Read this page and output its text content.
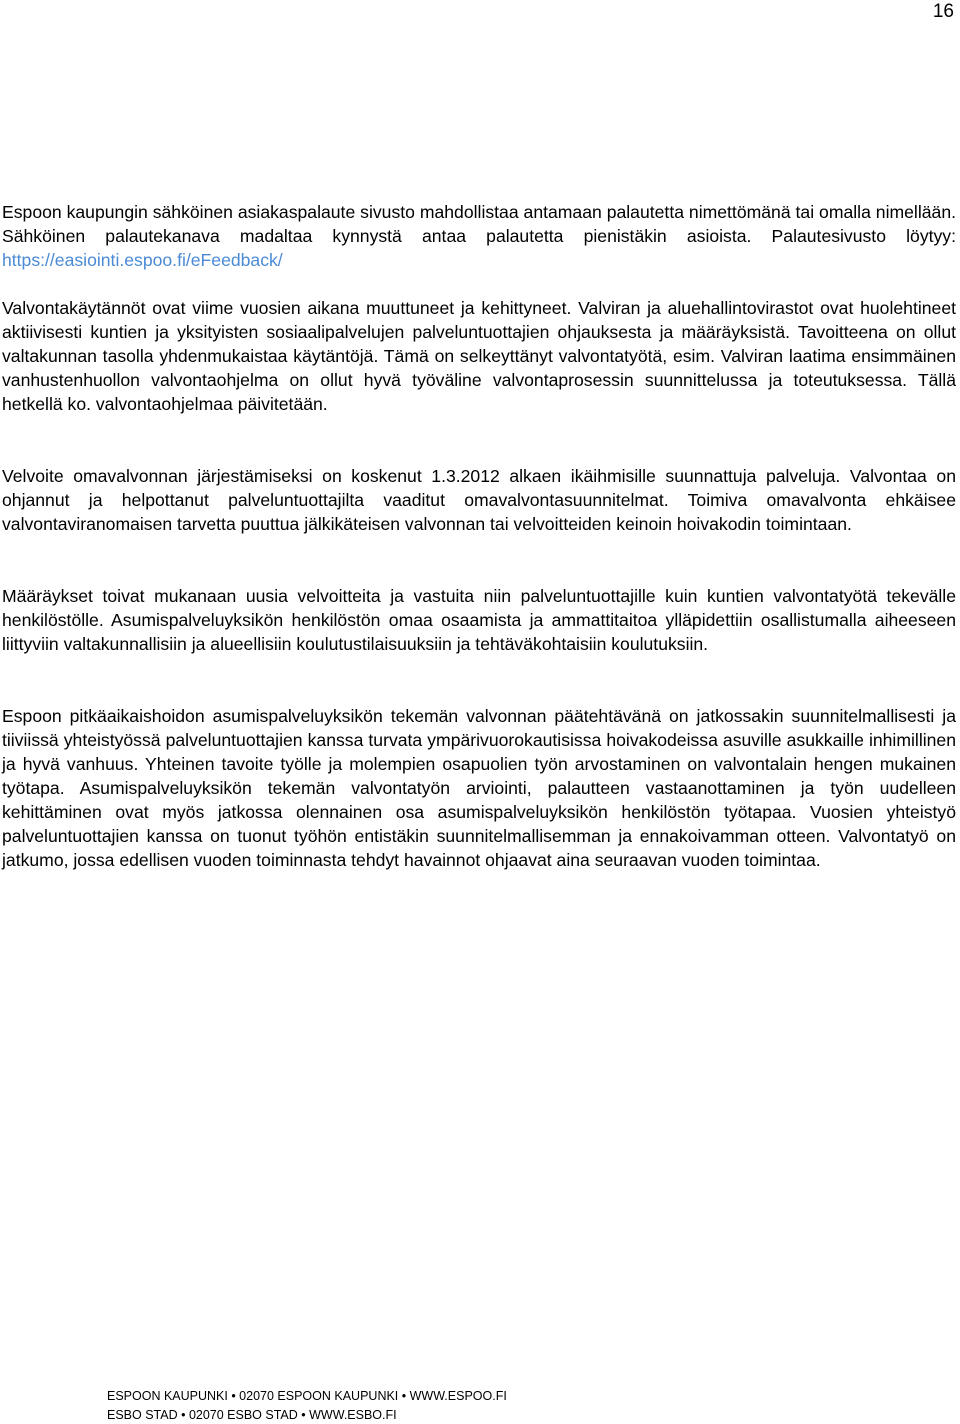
16

Espoon kaupungin sähköinen asiakaspalaute sivusto mahdollistaa antamaan palautetta nimettömänä tai omalla nimellään. Sähköinen palautekanava madaltaa kynnystä antaa palautetta pienistäkin asioista. Palautesivusto löytyy: https://easiointi.espoo.fi/eFeedback/

Valvontakäytännöt ovat viime vuosien aikana muuttuneet ja kehittyneet. Valviran ja aluehallintovirastot ovat huolehtineet aktiivisesti kuntien ja yksityisten sosiaalipalvelujen palveluntuottajien ohjauksesta ja määräyksistä. Tavoitteena on ollut valtakunnan tasolla yhdenmukaistaa käytäntöjä. Tämä on selkeyttänyt valvontatyötä, esim. Valviran laatima ensimmäinen vanhustenhuollon valvontaohjelma on ollut hyvä työväline valvontaprosessin suunnittelussa ja toteutuksessa. Tällä hetkellä ko. valvontaohjelmaa päivitetään.

Velvoite omavalvonnan järjestämiseksi on koskenut 1.3.2012 alkaen ikäihmisille suunnattuja palveluja. Valvontaa on ohjannut ja helpottanut palveluntuottajilta vaaditut omavalvontasuunnitelmat. Toimiva omavalvonta ehkäisee valvontaviranomaisen tarvetta puuttua jälkikäteisen valvonnan tai velvoitteiden keinoin hoivakodin toimintaan.

Määräykset toivat mukanaan uusia velvoitteita ja vastuita niin palveluntuottajille kuin kuntien valvontatyötä tekevälle henkilöstölle. Asumispalveluyksikön henkilöstön omaa osaamista ja ammattitaitoa ylläpidettiin osallistumalla aiheeseen liittyviin valtakunnallisiin ja alueellisiin koulutustilaisuuksiin ja tehtäväkohtaisiin koulutuksiin.

Espoon pitkäaikaishoidon asumispalveluyksikön tekemän valvonnan päätehtävänä on jatkossakin suunnitelmallisesti ja tiiviissä yhteistyössä palveluntuottajien kanssa turvata ympärivuorokautisissa hoivakodeissa asuville asukkaille inhimillinen ja hyvä vanhuus. Yhteinen tavoite työlle ja molempien osapuolien työn arvostaminen on valvontalain hengen mukainen työtapa. Asumispalveluyksikön tekemän valvontatyön arviointi, palautteen vastaanottaminen ja työn uudelleen kehittäminen ovat myös jatkossa olennainen osa asumispalveluyksikön henkilöstön työtapaa. Vuosien yhteistyö palveluntuottajien kanssa on tuonut työhön entistäkin suunnitelmallisemman ja ennakoivamman otteen. Valvontatyö on jatkumo, jossa edellisen vuoden toiminnasta tehdyt havainnot ohjaavat aina seuraavan vuoden toimintaa.

ESPOON KAUPUNKI • 02070 ESPOON KAUPUNKI • WWW.ESPOO.FI
ESBO STAD • 02070 ESBO STAD • WWW.ESBO.FI
